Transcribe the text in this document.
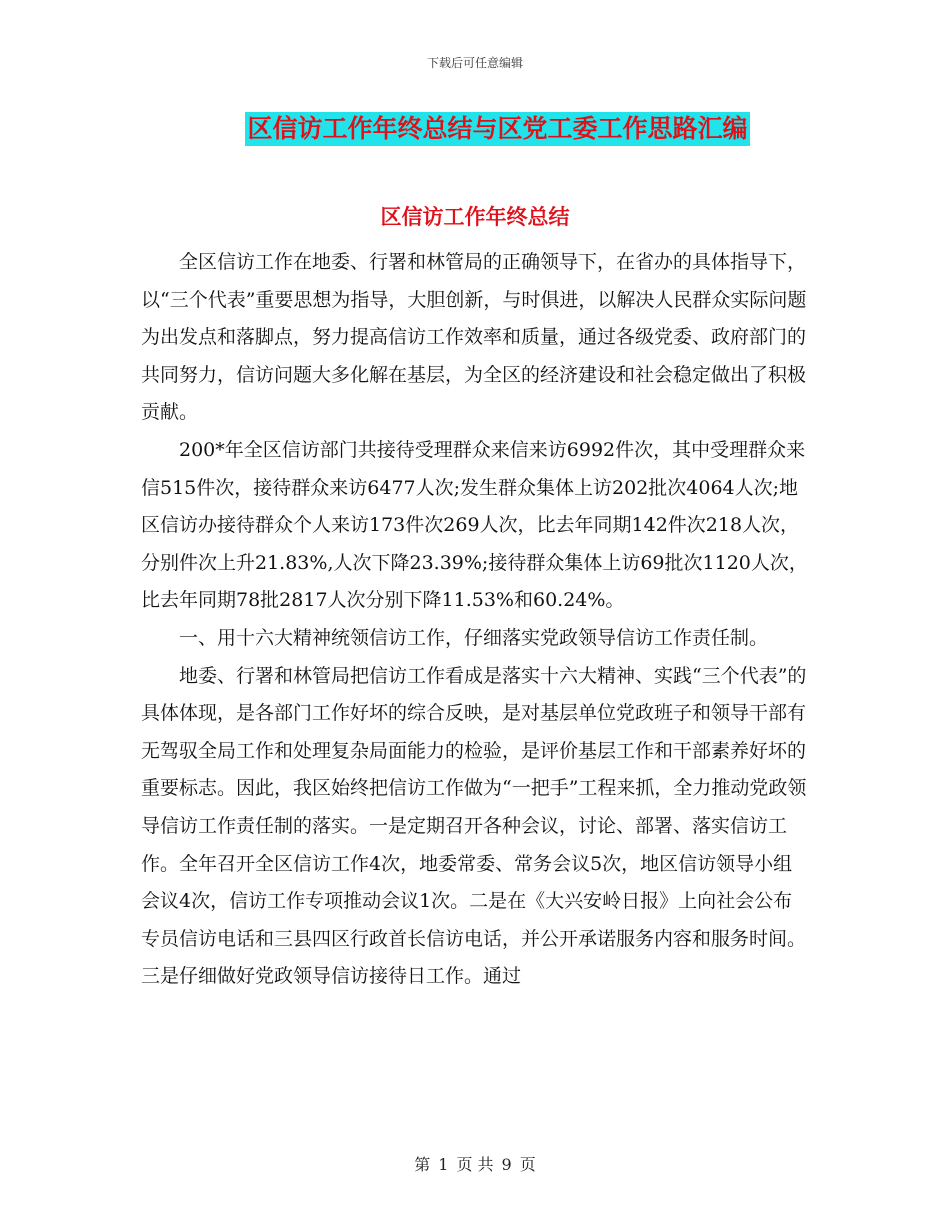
下载后可任意编辑
区信访工作年终总结与区党工委工作思路汇编
区信访工作年终总结

全区信访工作在地委、行署和林管局的正确领导下，在省办的具体指导下，以“三个代表”重要思想为指导，大胆创新，与时俱进，以解决人民群众实际问题为出发点和落脚点，努力提高信访工作效率和质量，通过各级党委、政府部门的共同努力，信访问题大多化解在基层，为全区的经济建设和社会稳定做出了积极贡献。

200*年全区信访部门共接待受理群众来信来访6992件次，其中受理群众来信515件次，接待群众来访6477人次;发生群众集体上访202批次4064人次;地区信访办接待群众个人来访173件次269人次，比去年同期142件次218人次，分别件次上升21.83%,人次下降23.39%;接待群众集体上访69批次1120人次，比去年同期78批2817人次分别下降11.53%和60.24%。

一、用十六大精神统领信访工作，仔细落实党政领导信访工作责任制。

地委、行署和林管局把信访工作看成是落实十六大精神、实践“三个代表”的具体体现，是各部门工作好坏的综合反映，是对基层单位党政班子和领导干部有无驾驭全局工作和处理复杂局面能力的检验，是评价基层工作和干部素养好坏的重要标志。因此，我区始终把信访工作做为“一把手”工程来抓，全力推动党政领导信访工作责任制的落实。一是定期召开各种会议，讨论、部署、落实信访工作。全年召开全区信访工作4次，地委常委、常务会议5次，地区信访领导小组会议4次，信访工作专项推动会议1次。二是在《大兴安岭日报》上向社会公布专员信访电话和三县四区行政首长信访电话，并公开承诺服务内容和服务时间。三是仔细做好党政领导信访接待日工作。通过

第 1 页 共 9 页
